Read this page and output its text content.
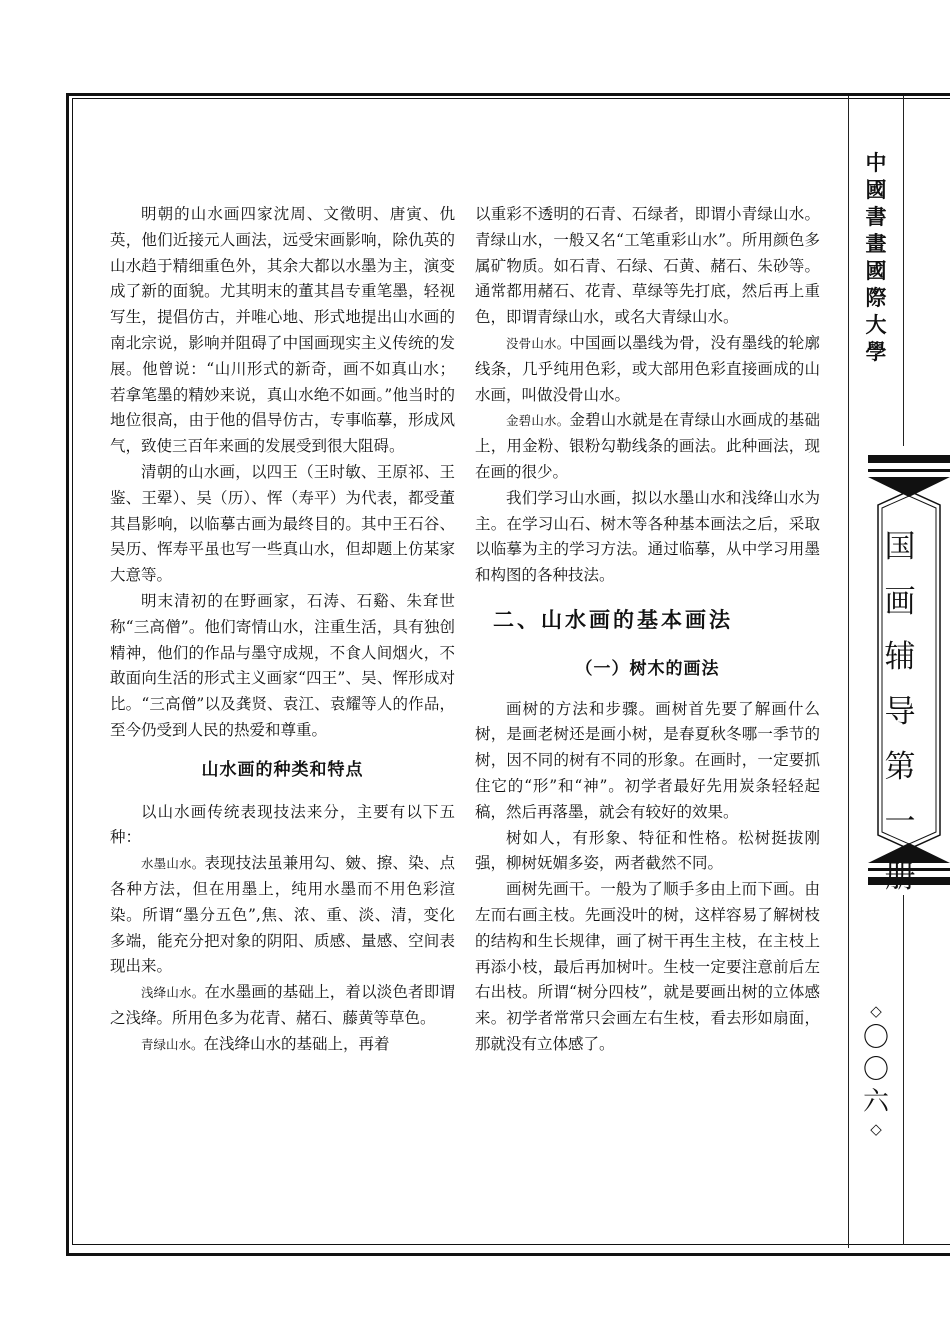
中
國
書
畫
國
際
大
學
国
画
辅
导
第
一
册
◇
〇
〇
六
◇

明朝的山水画四家沈周、文徵明、唐寅、仇英，他们近接元人画法，远受宋画影响，除仇英的山水趋于精细重色外，其余大都以水墨为主，演变成了新的面貌。尤其明末的董其昌专重笔墨，轻视写生，提倡仿古，并唯心地、形式地提出山水画的南北宗说，影响并阻碍了中国画现实主义传统的发展。他曾说：“山川形式的新奇，画不如真山水；若拿笔墨的精妙来说，真山水绝不如画。”他当时的地位很高，由于他的倡导仿古，专事临摹，形成风气，致使三百年来画的发展受到很大阻碍。

清朝的山水画，以四王（王时敏、王原祁、王鉴、王翚）、吴（历）、恽（寿平）为代表，都受董其昌影响，以临摹古画为最终目的。其中王石谷、吴历、恽寿平虽也写一些真山水，但却题上仿某家大意等。

明末清初的在野画家，石涛、石谿、朱耷世称“三高僧”。他们寄情山水，注重生活，具有独创精神，他们的作品与墨守成规，不食人间烟火，不敢面向生活的形式主义画家“四王”、吴、恽形成对比。“三高僧”以及龚贤、袁江、袁耀等人的作品，至今仍受到人民的热爱和尊重。

山水画的种类和特点

以山水画传统表现技法来分，主要有以下五种：

水墨山水。表现技法虽兼用勾、皴、擦、染、点各种方法，但在用墨上，纯用水墨而不用色彩渲染。所谓“墨分五色”,焦、浓、重、淡、清，变化多端，能充分把对象的阴阳、质感、量感、空间表现出来。

浅绛山水。在水墨画的基础上，着以淡色者即谓之浅绛。所用色多为花青、赭石、藤黄等草色。

青绿山水。在浅绛山水的基础上，再着

以重彩不透明的石青、石绿者，即谓小青绿山水。青绿山水，一般又名“工笔重彩山水”。所用颜色多属矿物质。如石青、石绿、石黄、赭石、朱砂等。通常都用赭石、花青、草绿等先打底，然后再上重色，即谓青绿山水，或名大青绿山水。

没骨山水。中国画以墨线为骨，没有墨线的轮廓线条，几乎纯用色彩，或大部用色彩直接画成的山水画，叫做没骨山水。

金碧山水。金碧山水就是在青绿山水画成的基础上，用金粉、银粉勾勒线条的画法。此种画法，现在画的很少。

我们学习山水画，拟以水墨山水和浅绛山水为主。在学习山石、树木等各种基本画法之后，采取以临摹为主的学习方法。通过临摹，从中学习用墨和构图的各种技法。

二、山水画的基本画法
（一）树木的画法

画树的方法和步骤。画树首先要了解画什么树，是画老树还是画小树，是春夏秋冬哪一季节的树，因不同的树有不同的形象。在画时，一定要抓住它的“形”和“神”。初学者最好先用炭条轻轻起稿，然后再落墨，就会有较好的效果。

树如人，有形象、特征和性格。松树挺拔刚强，柳树妩媚多姿，两者截然不同。

画树先画干。一般为了顺手多由上而下画。由左而右画主枝。先画没叶的树，这样容易了解树枝的结构和生长规律，画了树干再生主枝，在主枝上再添小枝，最后再加树叶。生枝一定要注意前后左右出枝。所谓“树分四枝”，就是要画出树的立体感来。初学者常常只会画左右生枝，看去形如扇面，那就没有立体感了。
